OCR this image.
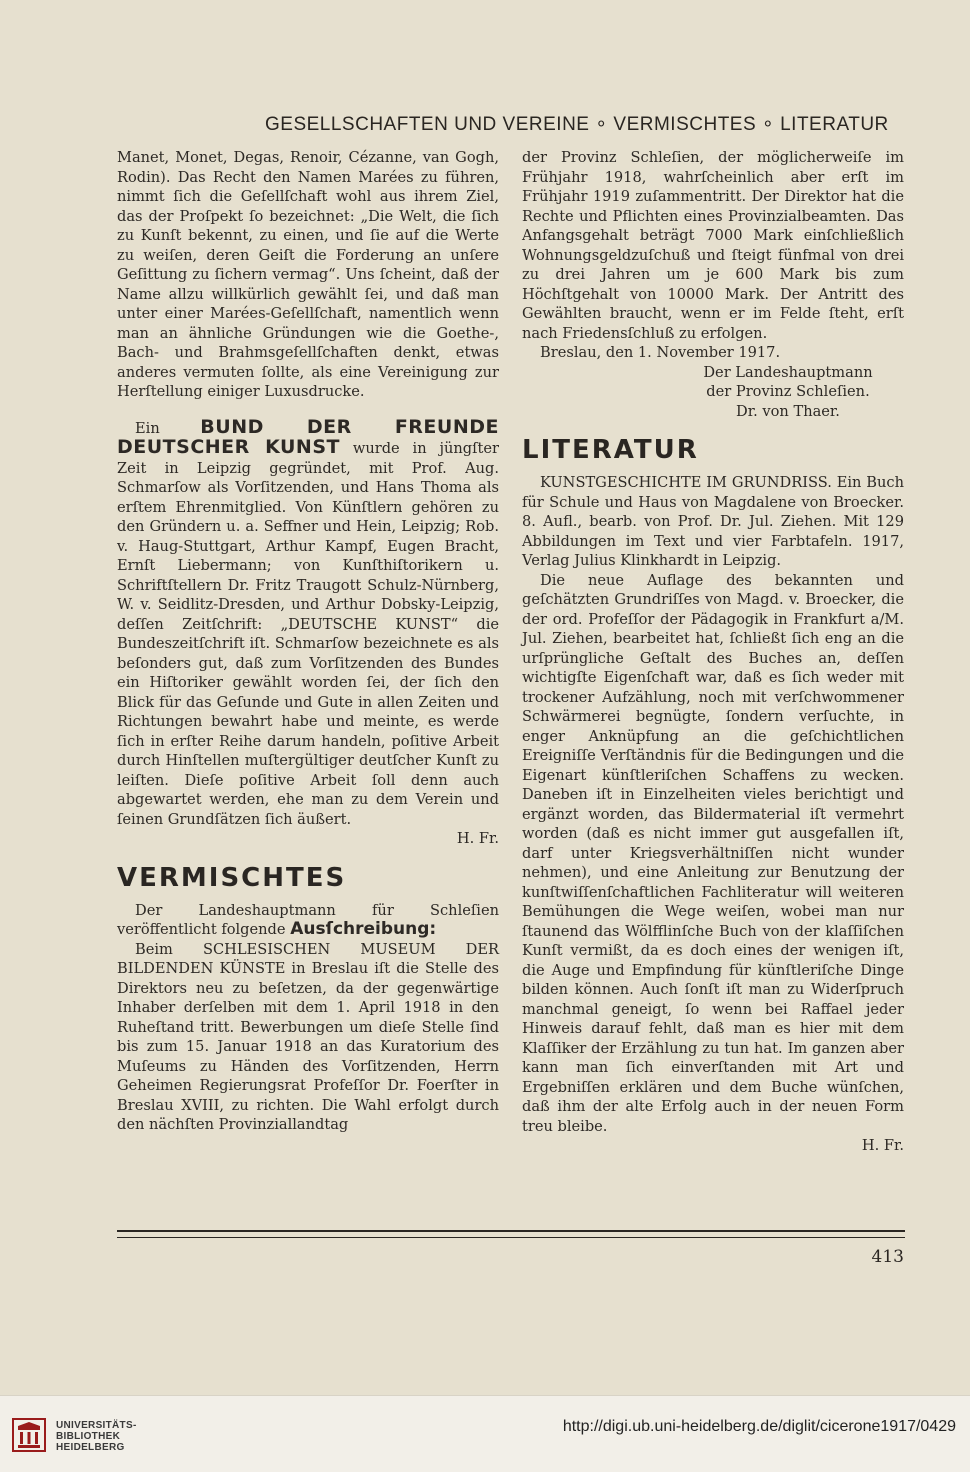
GESELLSCHAFTEN UND VEREINE ∘ VERMISCHTES ∘ LITERATUR

Manet, Monet, Degas, Renoir, Cézanne, van Gogh, Rodin). Das Recht den Namen Marées zu führen, nimmt ſich die Geſellſchaft wohl aus ihrem Ziel, das der Proſpekt ſo bezeichnet: „Die Welt, die ſich zu Kunſt bekennt, zu einen, und ſie auf die Werte zu weiſen, deren Geiſt die Forderung an unſere Geſittung zu ſichern vermag“. Uns ſcheint, daß der Name allzu willkürlich gewählt ſei, und daß man unter einer Marées-Geſellſchaft, namentlich wenn man an ähnliche Gründungen wie die Goethe-, Bach- und Brahmsgeſellſchaften denkt, etwas anderes vermuten ſollte, als eine Vereinigung zur Herſtellung einiger Luxusdrucke.

Ein BUND DER FREUNDE DEUTSCHER KUNST wurde in jüngſter Zeit in Leipzig gegründet, mit Prof. Aug. Schmarſow als Vorſitzenden, und Hans Thoma als erſtem Ehrenmitglied. Von Künſtlern gehören zu den Gründern u. a. Seffner und Hein, Leipzig; Rob. v. Haug-Stuttgart, Arthur Kampf, Eugen Bracht, Ernſt Liebermann; von Kunſthiſtorikern u. Schriftſtellern Dr. Fritz Traugott Schulz-Nürnberg, W. v. Seidlitz-Dresden, und Arthur Dobsky-Leipzig, deſſen Zeitſchrift: „DEUTSCHE KUNST“ die Bundeszeitſchrift iſt. Schmarſow bezeichnete es als beſonders gut, daß zum Vorſitzenden des Bundes ein Hiſtoriker gewählt worden ſei, der ſich den Blick für das Geſunde und Gute in allen Zeiten und Richtungen bewahrt habe und meinte, es werde ſich in erſter Reihe darum handeln, poſitive Arbeit durch Hinſtellen muſtergültiger deutſcher Kunſt zu leiſten. Dieſe poſitive Arbeit ſoll denn auch abgewartet werden, ehe man zu dem Verein und ſeinen Grundſätzen ſich äußert.

H. Fr.

VERMISCHTES

Der Landeshauptmann für Schleſien veröffentlicht folgende Ausſchreibung:

Beim SCHLESISCHEN MUSEUM DER BILDENDEN KÜNSTE in Breslau iſt die Stelle des Direktors neu zu beſetzen, da der gegenwärtige Inhaber derſelben mit dem 1. April 1918 in den Ruheſtand tritt. Bewerbungen um dieſe Stelle ſind bis zum 15. Januar 1918 an das Kuratorium des Muſeums zu Händen des Vorſitzenden, Herrn Geheimen Regierungsrat Profeſſor Dr. Foerſter in Breslau XVIII, zu richten. Die Wahl erfolgt durch den nächſten Provinziallandtag

der Provinz Schleſien, der möglicherweiſe im Frühjahr 1918, wahrſcheinlich aber erſt im Frühjahr 1919 zuſammentritt. Der Direktor hat die Rechte und Pflichten eines Provinzialbeamten. Das Anfangsgehalt beträgt 7000 Mark einſchließlich Wohnungsgeldzuſchuß und ſteigt fünfmal von drei zu drei Jahren um je 600 Mark bis zum Höchſtgehalt von 10000 Mark. Der Antritt des Gewählten braucht, wenn er im Felde ſteht, erſt nach Friedensſchluß zu erfolgen.

Breslau, den 1. November 1917.

Der Landeshauptmann

der Provinz Schleſien.

Dr. von Thaer.

LITERATUR

KUNSTGESCHICHTE IM GRUNDRISS. Ein Buch für Schule und Haus von Magdalene von Broecker. 8. Aufl., bearb. von Prof. Dr. Jul. Ziehen. Mit 129 Abbildungen im Text und vier Farbtafeln. 1917, Verlag Julius Klinkhardt in Leipzig.

Die neue Auflage des bekannten und geſchätzten Grundriſſes von Magd. v. Broecker, die der ord. Profeſſor der Pädagogik in Frankfurt a/M. Jul. Ziehen, bearbeitet hat, ſchließt ſich eng an die urſprüngliche Geſtalt des Buches an, deſſen wichtigſte Eigenſchaft war, daß es ſich weder mit trockener Aufzählung, noch mit verſchwommener Schwärmerei begnügte, ſondern verſuchte, in enger Anknüpfung an die geſchichtlichen Ereigniſſe Verſtändnis für die Bedingungen und die Eigenart künſtleriſchen Schaffens zu wecken. Daneben iſt in Einzelheiten vieles berichtigt und ergänzt worden, das Bildermaterial iſt vermehrt worden (daß es nicht immer gut ausgefallen iſt, darf unter Kriegsverhältniſſen nicht wunder nehmen), und eine Anleitung zur Benutzung der kunſtwiſſenſchaftlichen Fachliteratur will weiteren Bemühungen die Wege weiſen, wobei man nur ſtaunend das Wölfflinſche Buch von der klaſſiſchen Kunſt vermißt, da es doch eines der wenigen iſt, die Auge und Empfindung für künſtleriſche Dinge bilden können. Auch ſonſt iſt man zu Widerſpruch manchmal geneigt, ſo wenn bei Raffael jeder Hinweis darauf fehlt, daß man es hier mit dem Klaſſiker der Erzählung zu tun hat. Im ganzen aber kann man ſich einverſtanden mit Art und Ergebniſſen erklären und dem Buche wünſchen, daß ihm der alte Erfolg auch in der neuen Form treu bleibe.

H. Fr.

413
UNIVERSITÄTS-
BIBLIOTHEK
HEIDELBERG
http://digi.ub.uni-heidelberg.de/diglit/cicerone1917/0429
